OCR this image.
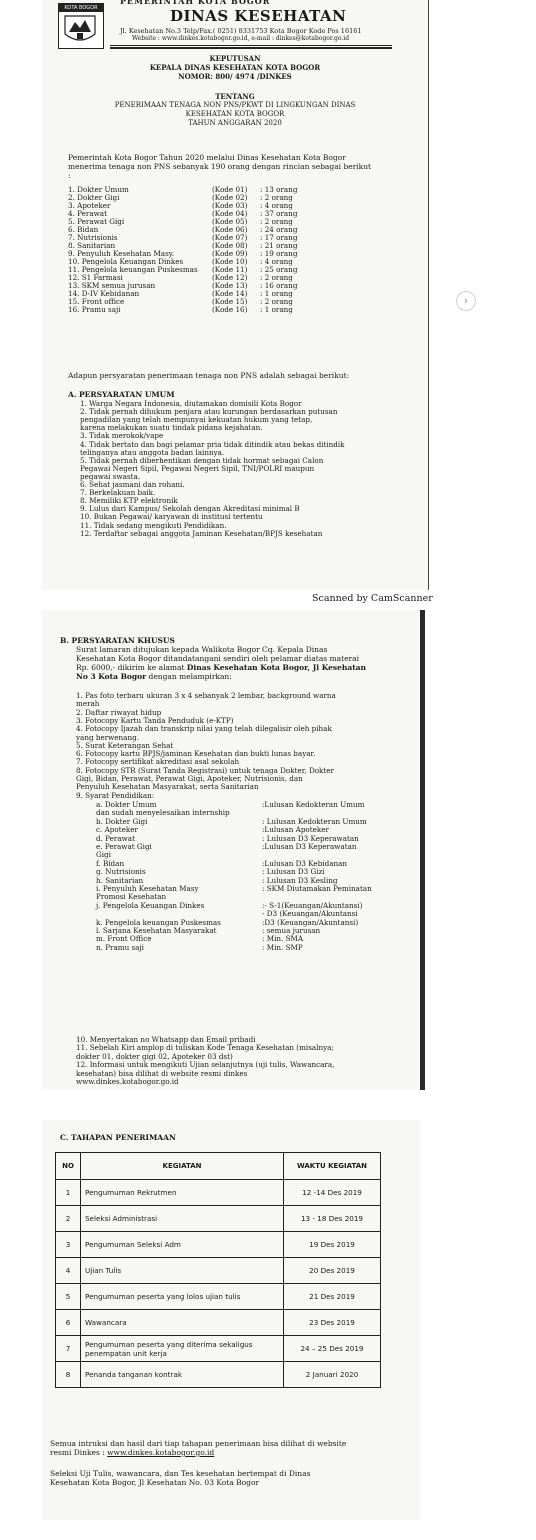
PEMERINTAH KOTA BOGOR
KOTA BOGOR	DINAS KESEHATAN
Jl. Kesehatan No.3 Telp/Fax.( 0251) 8331753 Kota Bogor Kode Pos 16161
Website : www.dinkes.kotabogor.go.id, e-mail : dinkes@kotabogor.go.id
KEPUTUSAN
KEPALA DINAS KESEHATAN KOTA BOGOR
NOMOR: 800/ 4974 /DINKES
TENTANG
PENERIMAAN TENAGA NON PNS/PKWT DI LINGKUNGAN DINAS
KESEHATAN KOTA BOGOR
TAHUN ANGGARAN 2020
Pemerintah Kota Bogor Tahun 2020 melalui Dinas Kesehatan Kota Bogor
menerima tenaga non PNS sebanyak 190 orang dengan rincian sebagai berikut
:
1. Dokter Umum	(Kode 01) : 13 orang
2. Dokter Gigi	(Kode 02) : 2 orang
3. Apoteker	(Kode 03) : 4 orang
4. Perawat	(Kode 04) : 37 orang
5. Perawat Gigi	(Kode 05) : 2 orang
6. Bidan	(Kode 06) : 24 orang
7. Nutrisionis	(Kode 07) : 17 orang
8. Sanitarian	(Kode 08) : 21 orang
9. Penyuluh Kesehatan Masy.	(Kode 09) : 19 orang
10. Pengelola Keuangan Dinkes	(Kode 10) : 4 orang
11. Pengelola keuangan Puskesmas (Kode 11) : 25 orang
12. S1 Farmasi	(Kode 12) : 2 orang
13. SKM semua jurusan	(Kode 13) : 16 orang
14. D-IV Kebidanan	(Kode 14) : 1 orang
15. Front office	(Kode 15) : 2 orang
16. Pramu saji	(Kode 16) : 1 orang
Adapun persyaratan penerimaan tenaga non PNS adalah sebagai berikut:
A. PERSYARATAN UMUM
1. Warga Negara Indonesia, diutamakan domisili Kota Bogor
2. Tidak pernah dihukum penjara atau kurungan berdasarkan putusan
pengadilan yang telah mempunyai kekuatan hukum yang tetap,
karena melakukan suatu tindak pidana kejahatan.
3. Tidak merokok/vape
4. Tidak bertato dan bagi pelamar pria tidak ditindik atau bekas ditindik
telinganya atau anggota badan lainnya.
5. Tidak pernah diberhentikan dengan tidak hormat sebagai Calon
Pegawai Negeri Sipil, Pegawai Negeri Sipil, TNI/POLRI maupun
pegawai swasta.
6. Sehat jasmani dan rohani.
7. Berkelakuan baik.
8. Memiliki KTP elektronik
9. Lulus dari Kampus/ Sekolah dengan Akreditasi minimal B
10. Bukan Pegawai/ karyawan di institusi tertentu
11. Tidak sedang mengikuti Pendidikan.
12. Terdaftar sebagai anggota Jaminan Kesehatan/BPJS kesehatan
Scanned by CamScanner
›
B. PERSYARATAN KHUSUS
Surat lamaran ditujukan kepada Walikota Bogor Cq. Kepala Dinas
Kesehatan Kota Bogor ditandatangani sendiri oleh pelamar diatas materai
Rp. 6000,- dikirim ke alamat Dinas Kesehatan Kota Bogor, Jl Kesehatan
No 3 Kota Bogor dengan melampirkan:
1. Pas foto terbaru ukuran 3 x 4 sebanyak 2 lembar, background warna
merah
2. Daftar riwayat hidup
3. Fotocopy Kartu Tanda Penduduk (e-KTP)
4. Fotocopy Ijazah dan transkrip nilai yang telah dilegalisir oleh pihak
yang berwenang.
5. Surat Keterangan Sehat
6. Fotocopy kartu BPJS/jaminan Kesehatan dan bukti lunas bayar.
7. Fotocopy sertifikat akreditasi asal sekolah
8. Fotocopy STR (Surat Tanda Registrasi) untuk tenaga Dokter, Dokter
Gigi, Bidan, Perawat, Perawat Gigi, Apoteker, Nutrisionis, dan
Penyuluh Kesehatan Masyarakat, serta Sanitarian
9. Syarat Pendidikan:
a. Dokter Umum	:Lulusan Kedokteran Umum
dan sudah menyelesaikan internship
b. Dokter Gigi	: Lulusan Kedokteran Umum
c. Apoteker	:Lulusan Apoteker
d. Perawat	: Lulusan D3 Keperawatan
e. Perawat Gigi	:Lulusan D3 Keperawatan
Gigi
f. Bidan	:Lulusan D3 Kebidanan
g. Nutrisionis	: Lulusan D3 Gizi
h. Sanitarian	: Lulusan D3 Kesling
i. Penyuluh Kesehatan Masy	: SKM Diutamakan Peminatan
Promosi Kesehatan
j. Pengelola Keuangan Dinkes	:- S-1(Keuangan/Akuntansi)
- D3 (Keuangan/Akuntansi
k. Pengelola keuangan Puskesmas	:D3 (Keuangan/Akuntansi)
l. Sarjana Kesehatan Masyarakat	: semua jurusan
m. Front Office	: Min. SMA
n. Pramu saji	: Min. SMP
10. Menyertakan no Whatsapp dan Email pribadi
11. Sebelah Kiri amplop di tuliskan Kode Tenaga Kesehatan (misalnya;
dokter 01, dokter gigi 02, Apoteker 03 dst)
12. Informasi untuk mengikuti Ujian selanjutnya (uji tulis, Wawancara,
kesehatan) bisa dilihat di website resmi dinkes
www.dinkes.kotabogor.go.id
C. TAHAPAN PENERIMAAN
NO	KEGIATAN	WAKTU KEGIATAN
1	Pengumuman Rekrutmen	12 -14 Des 2019
2	Seleksi Administrasi	13 - 18 Des 2019
3	Pengumuman Seleksi Adm	19 Des 2019
4	Ujian Tulis	20 Des 2019
5	Pengumuman peserta yang lolos ujian tulis	21 Des 2019
6	Wawancara	23 Des 2019
7	Pengumuman peserta yang diterima sekaligus penempatan unit kerja	24 – 25 Des 2019
8	Penanda tanganan kontrak	2 Januari 2020
Semua intruksi dan hasil dari tiap tahapan penerimaan bisa dilihat di website
resmi Dinkes : www.dinkes.kotabogor.go.id
Seleksi Uji Tulis, wawancara, dan Tes kesehatan bertempat di Dinas
Kesehatan Kota Bogor, Jl Kesehatan No. 03 Kota Bogor
